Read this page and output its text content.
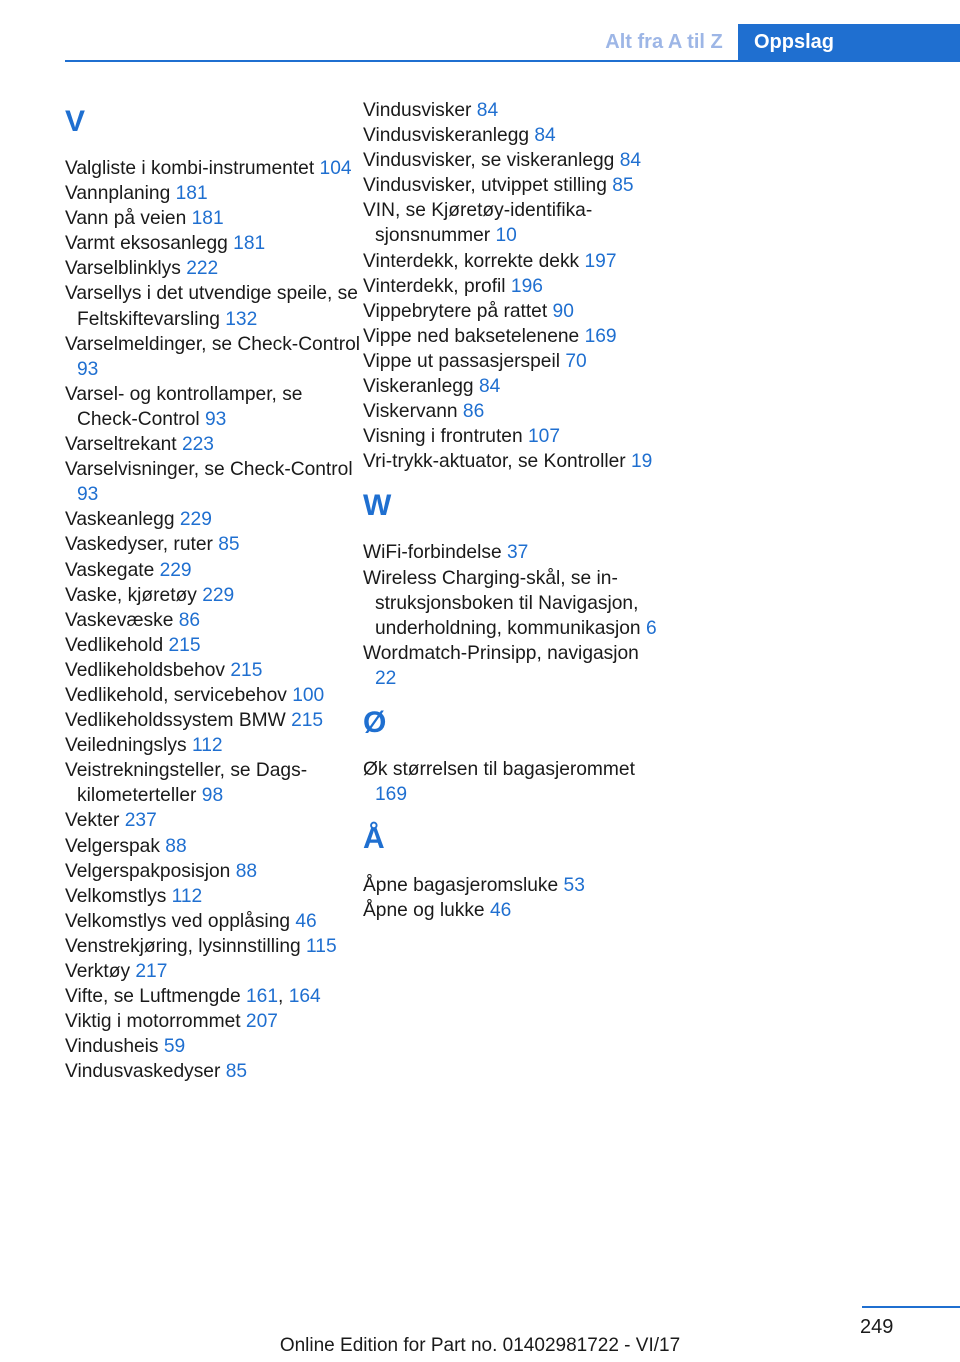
Alt fra A til Z	Oppslag
V
Valgliste i kombi-instrumentet 104
Vannplaning 181
Vann på veien 181
Varmt eksosanlegg 181
Varselblinklys 222
Varsellys i det utvendige speile, se Feltskiftevarsling 132
Varselmeldinger, se Check-Control 93
Varsel- og kontrollamper, se Check-Control 93
Varseltrekant 223
Varselvisninger, se Check-Control 93
Vaskeanlegg 229
Vaskedyser, ruter 85
Vaskegate 229
Vaske, kjøretøy 229
Vaskevæske 86
Vedlikehold 215
Vedlikeholdsbehov 215
Vedlikehold, servicebehov 100
Vedlikeholdssystem BMW 215
Veiledningslys 112
Veistrekningsteller, se Dagskilometerteller 98
Vekter 237
Velgerspak 88
Velgerspakposisjon 88
Velkomstlys 112
Velkomstlys ved opplåsing 46
Venstrekjøring, lysinnstilling 115
Verktøy 217
Vifte, se Luftmengde 161, 164
Viktig i motorrommet 207
Vindusheis 59
Vindusvaskedyser 85
Vindusvisker 84
Vindusviskeranlegg 84
Vindusvisker, se viskeranlegg 84
Vindusvisker, utvippet stilling 85
VIN, se Kjøretøy-identifikasjonsnummer 10
Vinterdekk, korrekte dekk 197
Vinterdekk, profil 196
Vippebrytere på rattet 90
Vippe ned baksetelenene 169
Vippe ut passasjerspeil 70
Viskeranlegg 84
Viskervann 86
Visning i frontruten 107
Vri-trykk-aktuator, se Kontroller 19
W
WiFi-forbindelse 37
Wireless Charging-skål, se instruksjonsboken til Navigasjon, underholdning, kommunikasjon 6
Wordmatch-Prinsipp, navigasjon 22
Ø
Øk størrelsen til bagasjerommet 169
Å
Åpne bagasjeromsluke 53
Åpne og lukke 46
249
Online Edition for Part no. 01402981722 - VI/17
